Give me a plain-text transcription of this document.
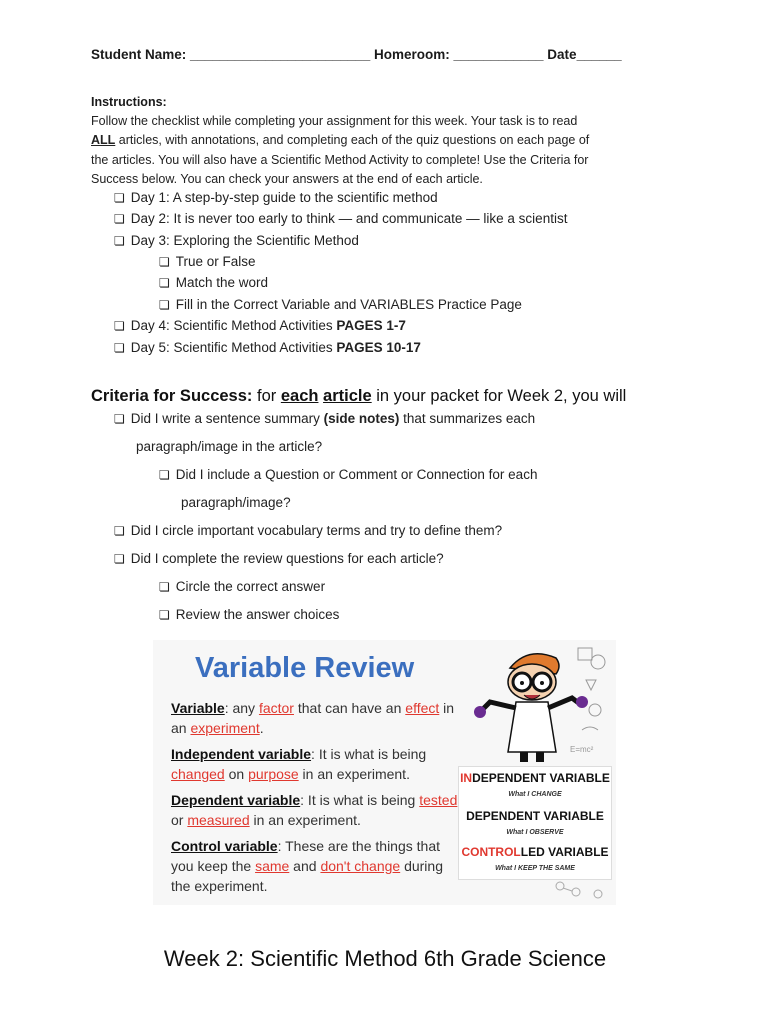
Student Name: ________________________ Homeroom: ____________ Date______
Instructions:
Follow the checklist while completing your assignment for this week. Your task is to read
ALL articles, with annotations, and completing each of the quiz questions on each page of
the articles. You will also have a Scientific Method Activity to complete! Use the Criteria for
Success below. You can check your answers at the end of each article.
❏ Day 1: A step-by-step guide to the scientific method
❏ Day 2: It is never too early to think — and communicate — like a scientist
❏ Day 3: Exploring the Scientific Method
❏ True or False
❏ Match the word
❏ Fill in the Correct Variable and VARIABLES Practice Page
❏ Day 4: Scientific Method Activities PAGES 1-7
❏ Day 5: Scientific Method Activities PAGES 10-17
Criteria for Success: for each article in your packet for Week 2, you will
❏ Did I write a sentence summary (side notes) that summarizes each
paragraph/image in the article?
❏ Did I include a Question or Comment or Connection for each
paragraph/image?
❏ Did I circle important vocabulary terms and try to define them?
❏ Did I complete the review questions for each article?
❏ Circle the correct answer
❏ Review the answer choices
Variable Review
Variable: any factor that can have an effect in
an experiment.
Independent variable: It is what is being
changed on purpose in an experiment.
Dependent variable: It is what is being tested
or measured in an experiment.
Control variable: These are the things that
you keep the same and don't change during
the experiment.
E=mc²
INDEPENDENT VARIABLE
What I CHANGE
DEPENDENT VARIABLE
What I OBSERVE
CONTROLLED VARIABLE
What I KEEP THE SAME
Week 2: Scientific Method 6th Grade Science
